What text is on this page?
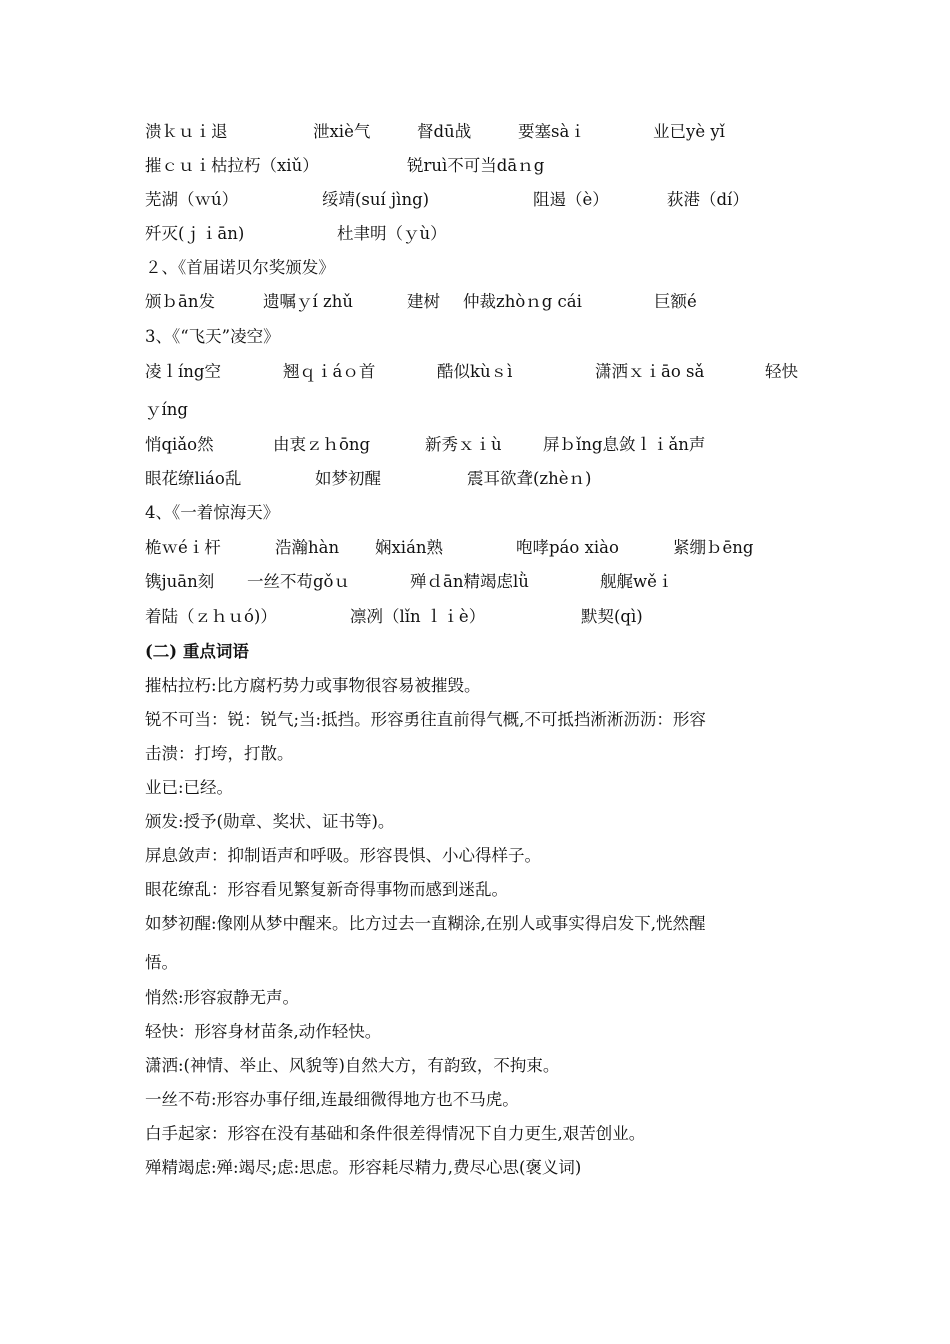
溃ｋｕｉ退	泄xiè气	督dū战	要塞sàｉ	业已yè yǐ
摧ｃｕｉ枯拉朽（xiǔ）	锐ruì不可当dāｎg
芜湖（ｗú）	绥靖(suí jìng)	阻遏（è）	荻港（dí）
歼灭(ｊｉān)	杜聿明（ｙù）
２、《首届诺贝尔奖颁发》
颁ｂān发	遗嘱ｙí zhǔ	建树 仲裁zhòｎg cái	巨额é
3、《“飞天”凌空》
凌ｌíng空	翘ｑｉáｏ首	酷似kùｓì	潇洒ｘｉāo sǎ	轻快
ｙíng
悄qiǎo然	由衷ｚｈōng	新秀ｘｉù	屏ｂǐng息敛ｌｉǎn声
眼花缭liáo乱	如梦初醒	震耳欲聋(zhèｎ)
4、《一着惊海天》
桅ｗéｉ杆	浩瀚hàn 娴xián熟	咆哮páo xiào	紧绷ｂēng
镌juān刻 一丝不苟gǒｕ	殚ｄān精竭虑lǜ	舰艉wěｉ
着陆（ｚｈｕó)）	凛冽（lǐn ｌｉè）	默契(qì)
(二) 重点词语
摧枯拉朽:比方腐朽势力或事物很容易被摧毁。
锐不可当：锐：锐气;当:抵挡。形容勇往直前得气概,不可抵挡淅淅沥沥：形容
击溃：打垮，打散。
业已:已经。
颁发:授予(勋章、奖状、证书等)。
屏息敛声：抑制语声和呼吸。形容畏惧、小心得样子。
眼花缭乱：形容看见繁复新奇得事物而感到迷乱。
如梦初醒:像刚从梦中醒来。比方过去一直糊涂,在别人或事实得启发下,恍然醒
悟。
悄然:形容寂静无声。
轻快：形容身材苗条,动作轻快。
潇洒:(神情、举止、风貌等)自然大方，有韵致，不拘束。
一丝不苟:形容办事仔细,连最细微得地方也不马虎。
白手起家：形容在没有基础和条件很差得情况下自力更生,艰苦创业。
殚精竭虑:殚:竭尽;虑:思虑。形容耗尽精力,费尽心思(褒义词)
